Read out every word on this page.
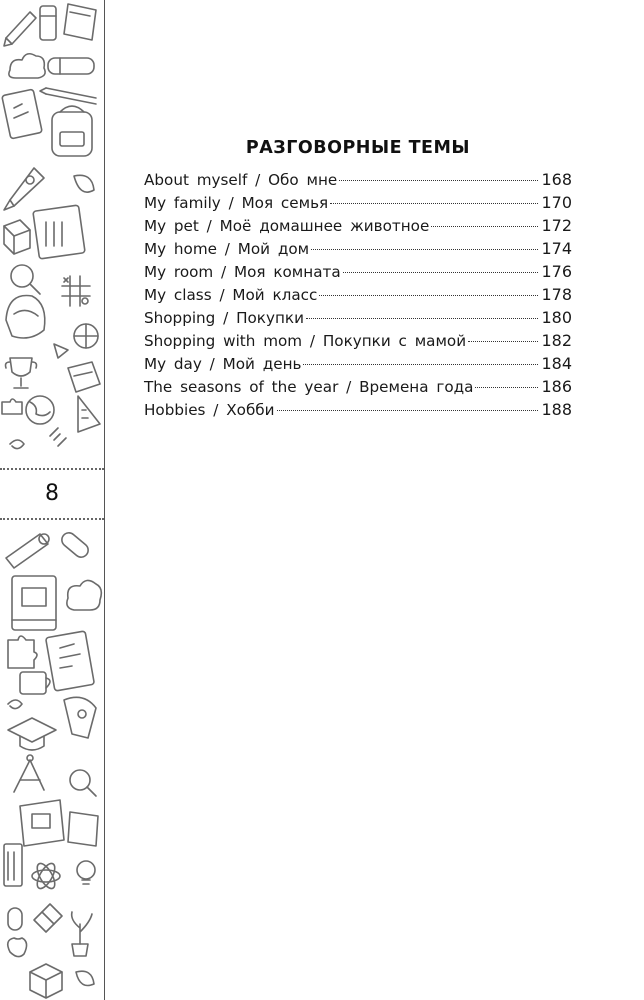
8
РАЗГОВОРНЫЕ ТЕМЫ
About myself / Обо мне	168
My family / Моя семья	170
My pet / Моё домашнее животное	172
My home / Мой дом	174
My room / Моя комната	176
My class / Мой класс	178
Shopping / Покупки	180
Shopping with mom / Покупки с мамой	182
My day / Мой день	184
The seasons of the year / Времена года	186
Hobbies / Хобби	188
